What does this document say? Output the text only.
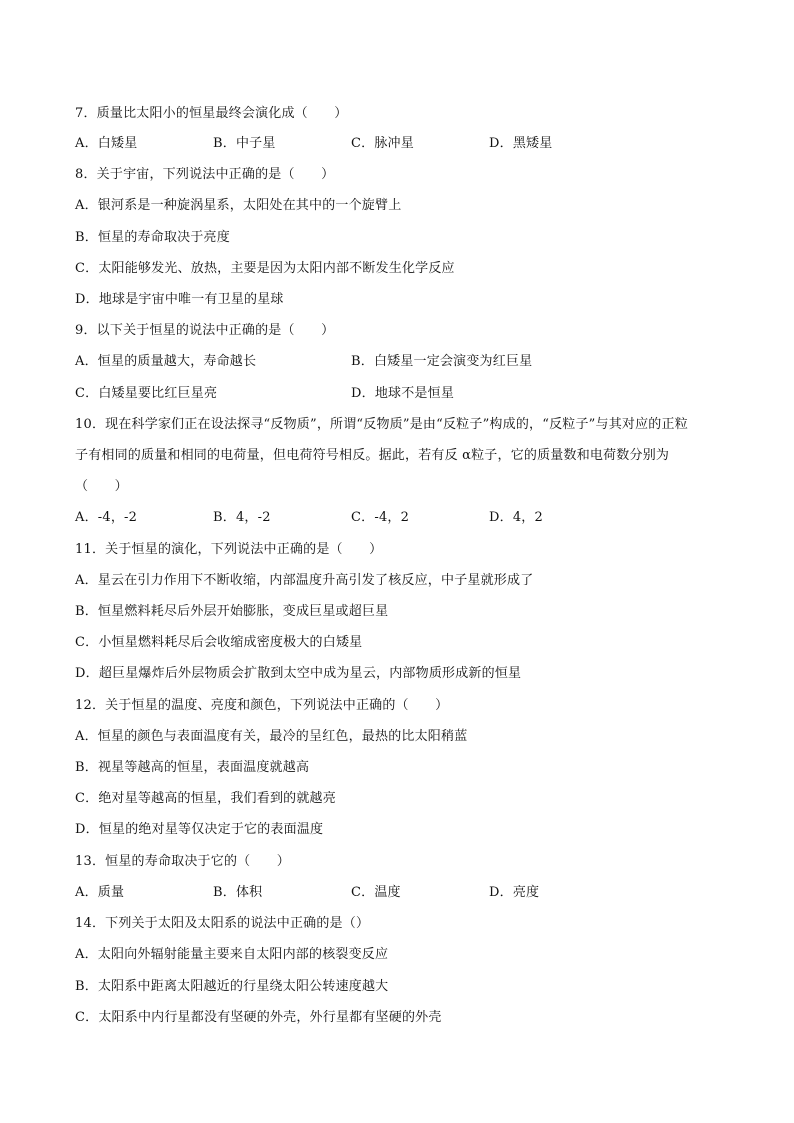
7．质量比太阳小的恒星最终会演化成（　　）
A．白矮星	B．中子星	C．脉冲星	D．黑矮星
8．关于宇宙，下列说法中正确的是（　　）
A．银河系是一种旋涡星系，太阳处在其中的一个旋臂上
B．恒星的寿命取决于亮度
C．太阳能够发光、放热，主要是因为太阳内部不断发生化学反应
D．地球是宇宙中唯一有卫星的星球
9．以下关于恒星的说法中正确的是（　　）
A．恒星的质量越大，寿命越长	B．白矮星一定会演变为红巨星
C．白矮星要比红巨星亮	D．地球不是恒星
10．现在科学家们正在设法探寻“反物质”，所谓“反物质”是由“反粒子”构成的，“反粒子”与其对应的正粒
子有相同的质量和相同的电荷量，但电荷符号相反。据此，若有反 α粒子，它的质量数和电荷数分别为
（　　）
A．-4，-2	B．4，-2	C．-4，2	D．4，2
11．关于恒星的演化，下列说法中正确的是（　　）
A．星云在引力作用下不断收缩，内部温度升高引发了核反应，中子星就形成了
B．恒星燃料耗尽后外层开始膨胀，变成巨星或超巨星
C．小恒星燃料耗尽后会收缩成密度极大的白矮星
D．超巨星爆炸后外层物质会扩散到太空中成为星云，内部物质形成新的恒星
12．关于恒星的温度、亮度和颜色，下列说法中正确的（　　）
A．恒星的颜色与表面温度有关，最冷的呈红色，最热的比太阳稍蓝
B．视星等越高的恒星，表面温度就越高
C．绝对星等越高的恒星，我们看到的就越亮
D．恒星的绝对星等仅决定于它的表面温度
13．恒星的寿命取决于它的（　　）
A．质量	B．体积	C．温度	D．亮度
14．下列关于太阳及太阳系的说法中正确的是（）
A．太阳向外辐射能量主要来自太阳内部的核裂变反应
B．太阳系中距离太阳越近的行星绕太阳公转速度越大
C．太阳系中内行星都没有坚硬的外壳，外行星都有坚硬的外壳
